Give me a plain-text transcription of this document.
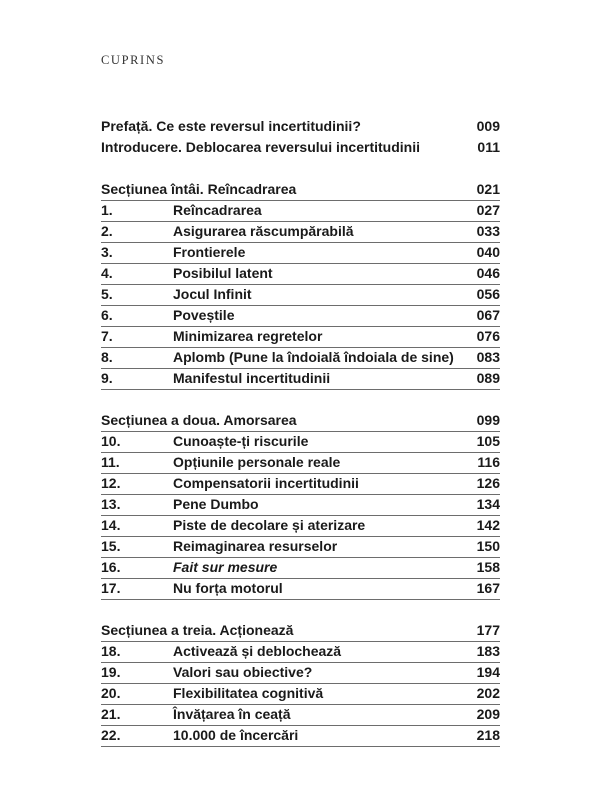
CUPRINS
Prefață. Ce este reversul incertitudinii?	009
Introducere. Deblocarea reversului incertitudinii	011
Secțiunea întâi. Reîncadrarea	021
1.	Reîncadrarea	027
2.	Asigurarea răscumpărabilă	033
3.	Frontierele	040
4.	Posibilul latent	046
5.	Jocul Infinit	056
6.	Poveștile	067
7.	Minimizarea regretelor	076
8.	Aplomb (Pune la îndoială îndoiala de sine) 083
9.	Manifestul incertitudinii	089
Secțiunea a doua. Amorsarea	099
10.	Cunoaște-ți riscurile	105
11.	Opțiunile personale reale	116
12.	Compensatorii incertitudinii	126
13.	Pene Dumbo	134
14.	Piste de decolare și aterizare	142
15.	Reimaginarea resurselor	150
16.	Fait sur mesure	158
17.	Nu forța motorul	167
Secțiunea a treia. Acționează	177
18.	Activează și deblochează	183
19.	Valori sau obiective?	194
20.	Flexibilitatea cognitivă	202
21.	Învățarea în ceață	209
22.	10.000 de încercări	218
